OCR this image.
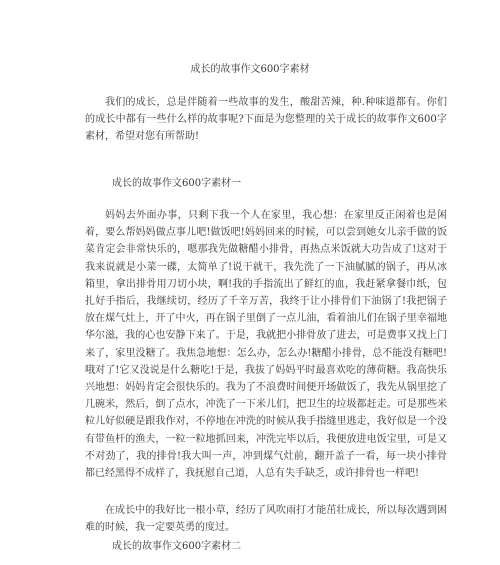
成长的故事作文600字素材

我们的成长，总是伴随着一些故事的发生，酸甜苦辣，种.种味道都有。你们的成长中都有一些什么样的故事呢?下面是为您整理的关于成长的故事作文600字素材，希望对您有所帮助!

成长的故事作文600字素材一

妈妈去外面办事，只剩下我一个人在家里，我心想：在家里反正闲着也是闲着，要么帮妈妈做点事儿吧!做饭吧!妈妈回来的时候，可以尝到她女儿亲手做的饭菜肯定会非常快乐的，嗯那我先做糖醋小排骨，再热点米饭就大功告成了!这对于我来说就是小菜一碟，太简单了!说干就干，我先洗了一下油腻腻的锅子，再从冰箱里，拿出排骨用刀切小块，啊!我的手指流出了鲜红的血，我赶紧拿餐巾纸，包扎好手指后，我继续切，经历了千辛万苦，我终于让小排骨们下油锅了!我把锅子放在煤气灶上，开了中火，再在锅子里倒了一点儿油，看着油儿们在锅子里幸福地华尔滋，我的心也安静下来了。于是，我就把小排骨放了进去，可是费事又找上门来了，家里没糖了。我焦急地想：怎么办，怎么办!糖醋小排骨，总不能没有糖吧!哦对了!它又没说是什么糖吃!于是，我拔了妈妈平时最喜欢吃的薄荷糖。我高快乐兴地想：妈妈肯定会很快乐的。我为了不浪费时间便开场做饭了，我先从锅里挖了几碗米，然后，倒了点水，冲洗了一下米儿们，把卫生的垃圾都赶走。可是那些米粒儿好似硬是跟我作对，不停地在冲洗的时候从我手指缝里逃走，我好似是一个没有带鱼杆的渔夫，一粒一粒地抓回来，冲洗完毕以后，我便放进电饭宝里，可是又不对劲了，我的排骨!我大叫一声，冲到煤气灶前，翻开盖子一看，每一块小排骨都已经黑得不成样了，我抚慰自己道，人总有失手缺乏，或许排骨也一样吧!

在成长中的我好比一根小草，经历了风吹雨打才能茁壮成长，所以每次遇到困难的时候，我一定要英勇的度过。

成长的故事作文600字素材二
